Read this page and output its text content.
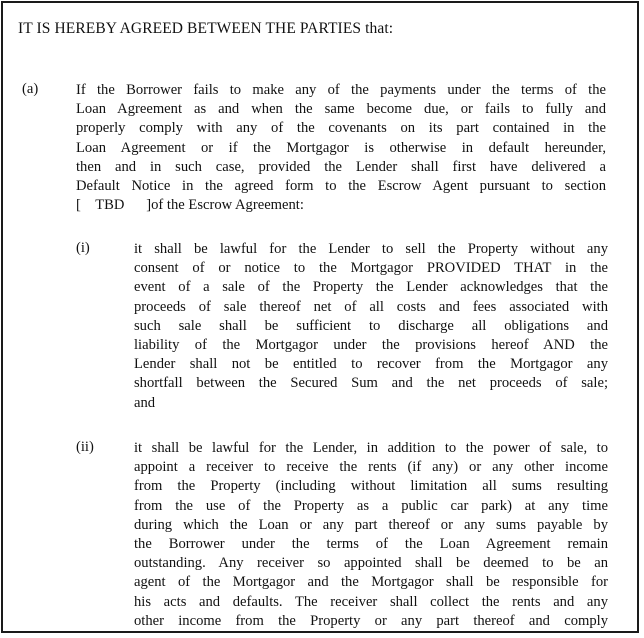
IT IS HEREBY AGREED BETWEEN THE PARTIES that:
(a)	If the Borrower fails to make any of the payments under the terms of the
Loan Agreement as and when the same become due, or fails to fully and
properly comply with any of the covenants on its part contained in the
Loan Agreement or if the Mortgagor is otherwise in default hereunder,
then and in such case, provided the Lender shall first have delivered a
Default Notice in the agreed form to the Escrow Agent pursuant to section
[    TBD      ]of the Escrow Agreement:
(i)	it shall be lawful for the Lender to sell the Property without any
consent of or notice to the Mortgagor PROVIDED THAT in the
event of a sale of the Property the Lender acknowledges that the
proceeds of sale thereof net of all costs and fees associated with
such sale shall be sufficient to discharge all obligations and
liability of the Mortgagor under the provisions hereof AND the
Lender shall not be entitled to recover from the Mortgagor any
shortfall between the Secured Sum and the net proceeds of sale;
and
(ii)	it shall be lawful for the Lender, in addition to the power of sale, to
appoint a receiver to receive the rents (if any) or any other income
from the Property (including without limitation all sums resulting
from the use of the Property as a public car park) at any time
during which the Loan or any part thereof or any sums payable by
the Borrower under the terms of the Loan Agreement remain
outstanding. Any receiver so appointed shall be deemed to be an
agent of the Mortgagor and the Mortgagor shall be responsible for
his acts and defaults. The receiver shall collect the rents and any
other income from the Property or any part thereof and comply
